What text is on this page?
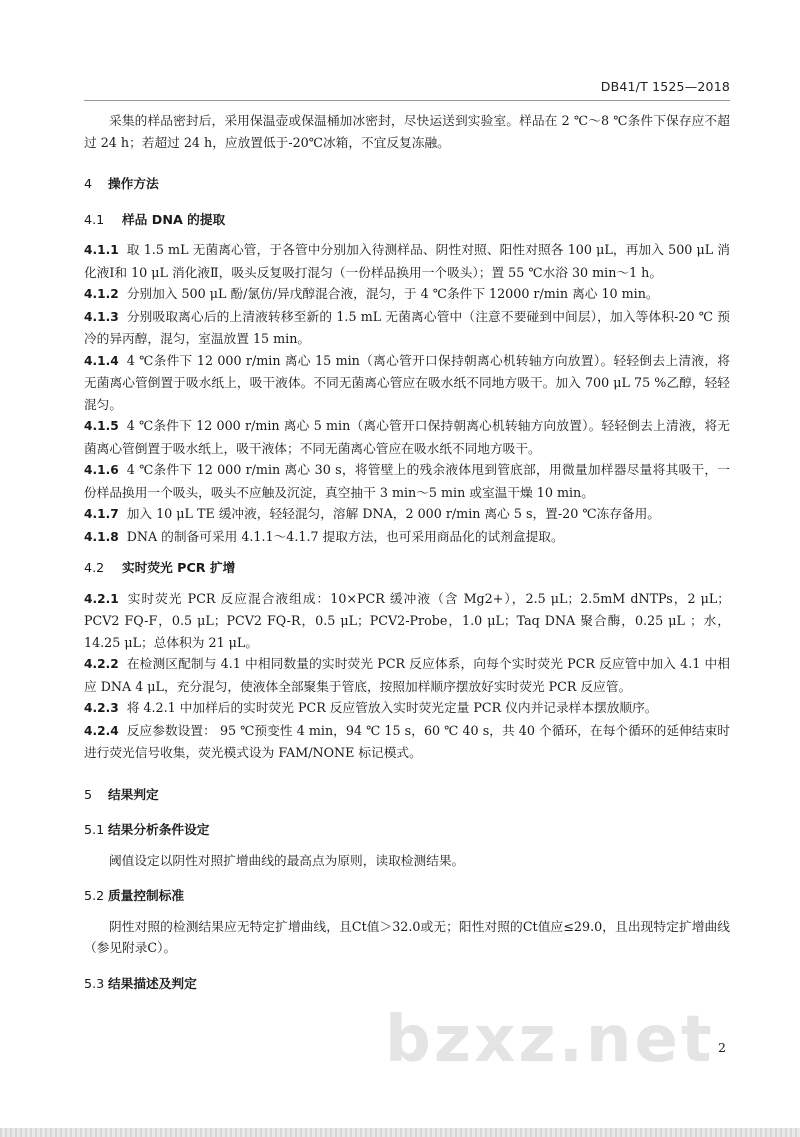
DB41/T 1525—2018

采集的样品密封后，采用保温壶或保温桶加冰密封，尽快运送到实验室。样品在 2 ℃～8 ℃条件下保存应不超过 24 h；若超过 24 h，应放置低于-20℃冰箱，不宜反复冻融。

4 操作方法

4.1 样品 DNA 的提取

4.1.1 取 1.5 mL 无菌离心管，于各管中分别加入待测样品、阴性对照、阳性对照各 100 μL，再加入 500 μL 消化液Ⅰ和 10 μL 消化液Ⅱ，吸头反复吸打混匀（一份样品换用一个吸头）；置 55 ℃水浴 30 min～1 h。

4.1.2 分别加入 500 μL 酚/氯仿/异戊醇混合液，混匀，于 4 ℃条件下 12000 r/min 离心 10 min。

4.1.3 分别吸取离心后的上清液转移至新的 1.5 mL 无菌离心管中（注意不要碰到中间层），加入等体积-20 ℃ 预冷的异丙醇，混匀，室温放置 15 min。

4.1.4 4 ℃条件下 12 000 r/min 离心 15 min（离心管开口保持朝离心机转轴方向放置）。轻轻倒去上清液，将无菌离心管倒置于吸水纸上，吸干液体。不同无菌离心管应在吸水纸不同地方吸干。加入 700 μL 75 %乙醇，轻轻混匀。

4.1.5 4 ℃条件下 12 000 r/min 离心 5 min（离心管开口保持朝离心机转轴方向放置）。轻轻倒去上清液，将无菌离心管倒置于吸水纸上，吸干液体；不同无菌离心管应在吸水纸不同地方吸干。

4.1.6 4 ℃条件下 12 000 r/min 离心 30 s，将管壁上的残余液体甩到管底部，用微量加样器尽量将其吸干，一份样品换用一个吸头，吸头不应触及沉淀，真空抽干 3 min～5 min 或室温干燥 10 min。

4.1.7 加入 10 μL TE 缓冲液，轻轻混匀，溶解 DNA，2 000 r/min 离心 5 s，置-20 ℃冻存备用。

4.1.8 DNA 的制备可采用 4.1.1～4.1.7 提取方法，也可采用商品化的试剂盒提取。

4.2 实时荧光 PCR 扩增

4.2.1 实时荧光 PCR 反应混合液组成：10×PCR 缓冲液（含 Mg2+），2.5 μL；2.5mM dNTPs，2 μL；PCV2 FQ-F，0.5 μL；PCV2 FQ-R，0.5 μL；PCV2-Probe，1.0 μL；Taq DNA 聚合酶，0.25 μL ；水，14.25 μL；总体积为 21 μL。

4.2.2 在检测区配制与 4.1 中相同数量的实时荧光 PCR 反应体系，向每个实时荧光 PCR 反应管中加入 4.1 中相应 DNA 4 μL，充分混匀，使液体全部聚集于管底，按照加样顺序摆放好实时荧光 PCR 反应管。

4.2.3 将 4.2.1 中加样后的实时荧光 PCR 反应管放入实时荧光定量 PCR 仪内并记录样本摆放顺序。

4.2.4 反应参数设置： 95 ℃预变性 4 min，94 ℃ 15 s，60 ℃ 40 s，共 40 个循环，在每个循环的延伸结束时进行荧光信号收集，荧光模式设为 FAM/NONE 标记模式。

5 结果判定

5.1 结果分析条件设定

阈值设定以阴性对照扩增曲线的最高点为原则，读取检测结果。

5.2 质量控制标准

阴性对照的检测结果应无特定扩增曲线，且Ct值＞32.0或无；阳性对照的Ct值应≤29.0，且出现特定扩增曲线（参见附录C）。

5.3 结果描述及判定

bzxz.net 2
